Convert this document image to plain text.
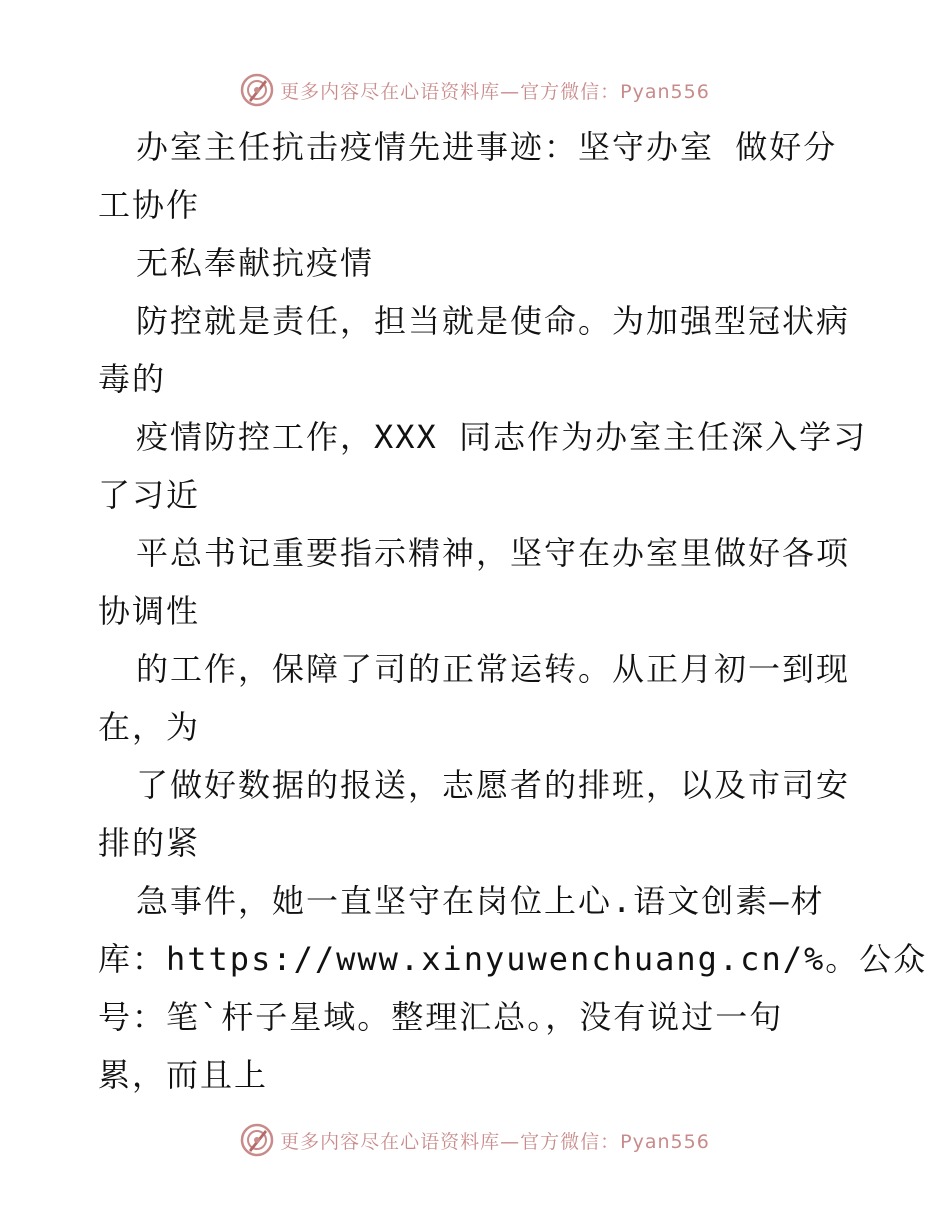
更多内容尽在心语资料库—官方微信：Pyan556
办室主任抗击疫情先进事迹：坚守办室 做好分
工协作
无私奉献抗疫情
防控就是责任，担当就是使命。为加强型冠状病
毒的
疫情防控工作，XXX 同志作为办室主任深入学习
了习近
平总书记重要指示精神，坚守在办室里做好各项
协调性
的工作，保障了司的正常运转。从正月初一到现
在，为
了做好数据的报送，志愿者的排班，以及市司安
排的紧
急事件，她一直坚守在岗位上心.语文创素—材
库：https://www.xinyuwenchuang.cn/%。公众
号：笔`杆子星域。整理汇总。，没有说过一句
累，而且上
更多内容尽在心语资料库—官方微信：Pyan556
